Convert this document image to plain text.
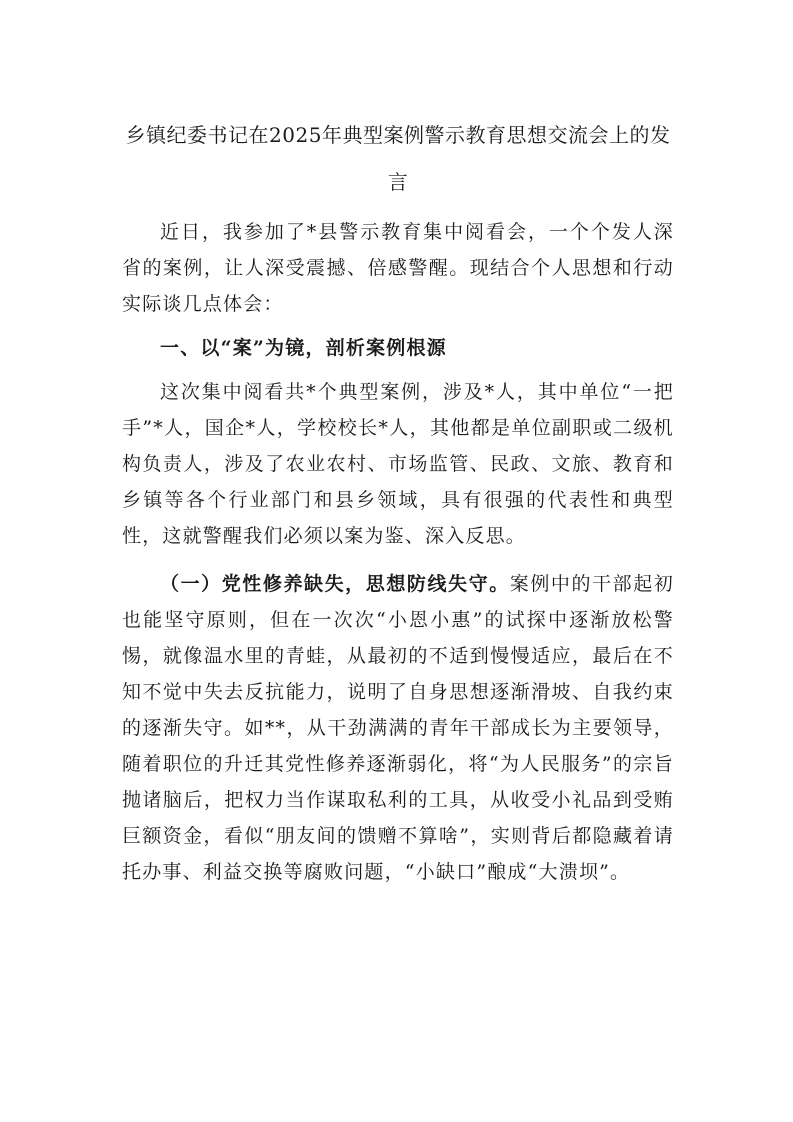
乡镇纪委书记在2025年典型案例警示教育思想交流会上的发言

近日，我参加了*县警示教育集中阅看会，一个个发人深省的案例，让人深受震撼、倍感警醒。现结合个人思想和行动实际谈几点体会：

一、以“案”为镜，剖析案例根源

这次集中阅看共*个典型案例，涉及*人，其中单位“一把手”*人，国企*人，学校校长*人，其他都是单位副职或二级机构负责人，涉及了农业农村、市场监管、民政、文旅、教育和乡镇等各个行业部门和县乡领域，具有很强的代表性和典型性，这就警醒我们必须以案为鉴、深入反思。

（一）党性修养缺失，思想防线失守。案例中的干部起初也能坚守原则，但在一次次“小恩小惠”的试探中逐渐放松警惕，就像温水里的青蛙，从最初的不适到慢慢适应，最后在不知不觉中失去反抗能力，说明了自身思想逐渐滑坡、自我约束的逐渐失守。如**，从干劲满满的青年干部成长为主要领导，随着职位的升迁其党性修养逐渐弱化，将“为人民服务”的宗旨抛诸脑后，把权力当作谋取私利的工具，从收受小礼品到受贿巨额资金，看似“朋友间的馈赠不算啥”，实则背后都隐藏着请托办事、利益交换等腐败问题，“小缺口”酿成“大溃坝”。
